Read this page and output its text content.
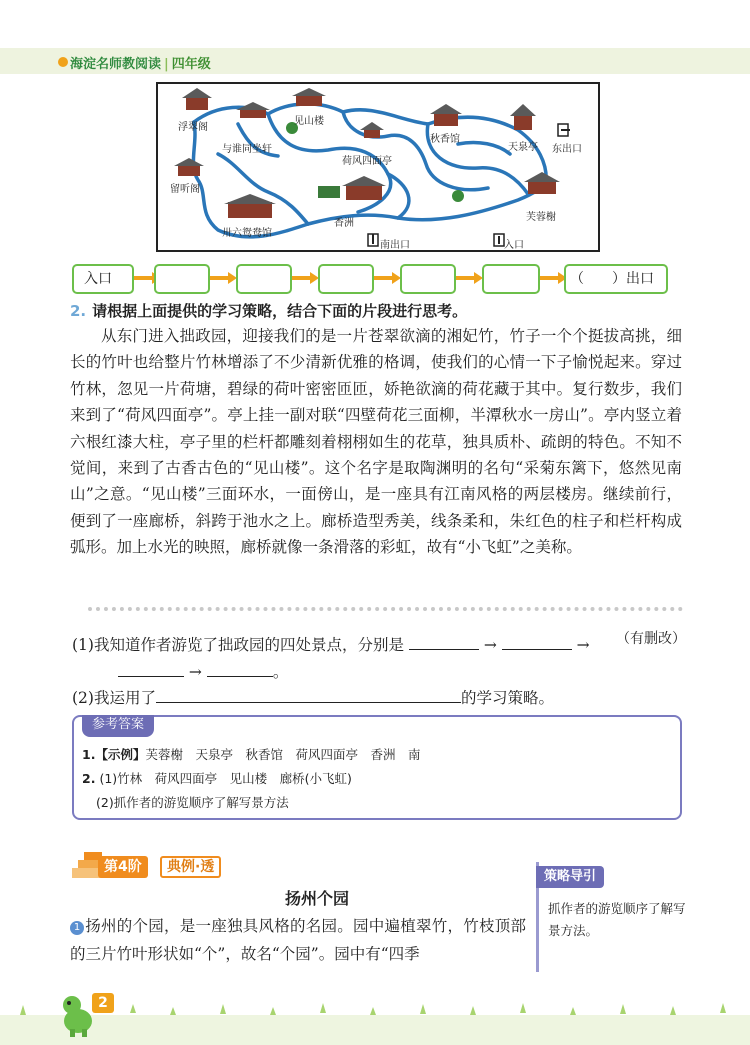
海淀名师教阅读 | 四年级
浮翠阁
与谁同坐轩
见山楼
荷风四面亭
秋香馆
天泉亭 东出口
留听阁
香洲
芙蓉榭
卅六鸳鸯馆
南出口	入口
入口	（　　）出口
2. 请根据上面提供的学习策略，结合下面的片段进行思考。

从东门进入拙政园，迎接我们的是一片苍翠欲滴的湘妃竹，竹子一个个挺拔高挑，细长的竹叶也给整片竹林增添了不少清新优雅的格调，使我们的心情一下子愉悦起来。穿过竹林，忽见一片荷塘，碧绿的荷叶密密匝匝，娇艳欲滴的荷花藏于其中。复行数步，我们来到了“荷风四面亭”。亭上挂一副对联“四壁荷花三面柳，半潭秋水一房山”。亭内竖立着六根红漆大柱，亭子里的栏杆都雕刻着栩栩如生的花草，独具质朴、疏朗的特色。不知不觉间，来到了古香古色的“见山楼”。这个名字是取陶渊明的名句“采菊东篱下，悠然见南山”之意。“见山楼”三面环水，一面傍山，是一座具有江南风格的两层楼房。继续前行，便到了一座廊桥，斜跨于池水之上。廊桥造型秀美，线条柔和，朱红色的柱子和栏杆构成弧形。加上水光的映照，廊桥就像一条滑落的彩虹，故有“小飞虹”之美称。

（有删改）
(1)我知道作者游览了拙政园的四处景点，分别是	→	→
→	。
(2)我运用了	的学习策略。
1.【示例】芙蓉榭　天泉亭　秋香馆　荷风四面亭　香洲　南
2. (1)竹林　荷风四面亭　见山楼　廊桥(小飞虹)
(2)抓作者的游览顺序了解写景方法
参考答案
第4阶	典例·透
扬州个园

1 扬州的个园，是一座独具风格的名园。园中遍植翠竹，竹枝顶部的三片竹叶形状如“个”，故名“个园”。园中有“四季

策略导引
抓作者的游览顺序了解写景方法。
2
